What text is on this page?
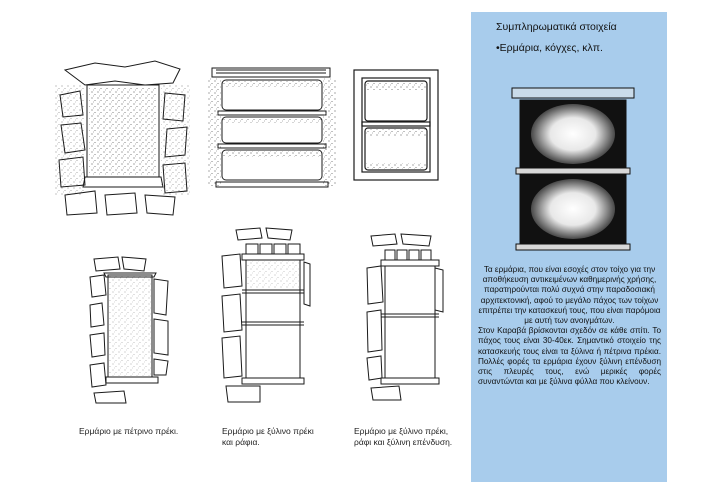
Ερμάριο με πέτρινο πρέκι.	Ερμάριο με ξύλινο πρέκι
και ράφια.
Ερμάριο με ξύλινο πρέκι,
ράφι και ξύλινη επένδυση.
Συμπληρωματικά στοιχεία
•Ερμάρια, κόγχες, κλπ.

Τα ερμάρια, που είναι εσοχές στον τοίχο για την αποθήκευση αντικειμένων καθημερινής χρήσης, παρατηρούνται πολύ συχνά στην παραδοσιακή αρχιτεκτονική, αφού το μεγάλο πάχος των τοίχων επιτρέπει την κατασκευή τους, που είναι παρόμοια με αυτή των ανοιγμάτων.

Στον Καραβά βρίσκονται σχεδόν σε κάθε σπίτι. Το πάχος τους είναι 30-40εκ. Σημαντικό στοιχείο της κατασκευής τους είναι τα ξύλινα ή πέτρινα πρέκια. Πολλές φορές τα ερμάρια έχουν ξύλινη επένδυση στις πλευρές τους, ενώ μερικές φορές συναντώνται και με ξύλινα φύλλα που κλείνουν.
